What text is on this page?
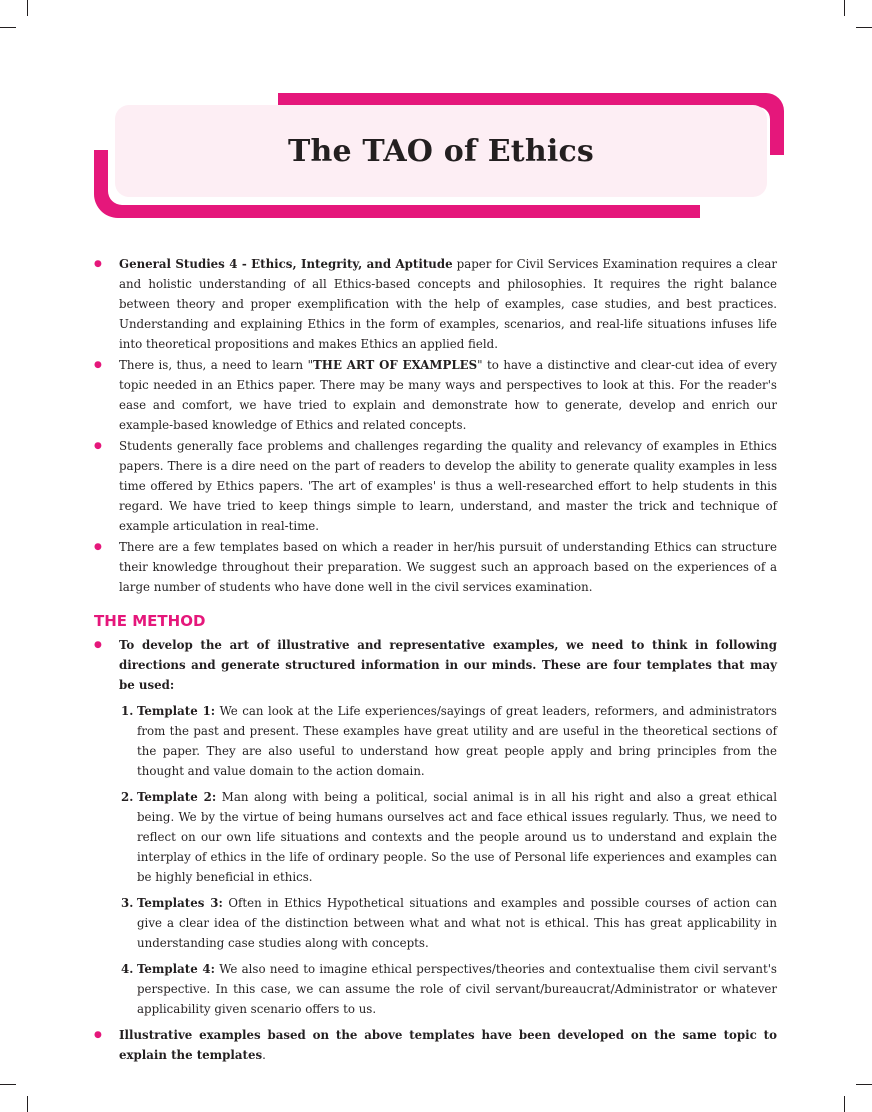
The TAO of Ethics
● General Studies 4 - Ethics, Integrity, and Aptitude paper for Civil Services Examination requires a clear and holistic understanding of all Ethics-based concepts and philosophies. It requires the right balance between theory and proper exemplification with the help of examples, case studies, and best practices. Understanding and explaining Ethics in the form of examples, scenarios, and real-life situations infuses life into theoretical propositions and makes Ethics an applied field.
● There is, thus, a need to learn "THE ART OF EXAMPLES" to have a distinctive and clear-cut idea of every topic needed in an Ethics paper. There may be many ways and perspectives to look at this. For the reader's ease and comfort, we have tried to explain and demonstrate how to generate, develop and enrich our example-based knowledge of Ethics and related concepts.
● Students generally face problems and challenges regarding the quality and relevancy of examples in Ethics papers. There is a dire need on the part of readers to develop the ability to generate quality examples in less time offered by Ethics papers. 'The art of examples' is thus a well-researched effort to help students in this regard. We have tried to keep things simple to learn, understand, and master the trick and technique of example articulation in real-time.
● There are a few templates based on which a reader in her/his pursuit of understanding Ethics can structure their knowledge throughout their preparation. We suggest such an approach based on the experiences of a large number of students who have done well in the civil services examination.
THE METHOD
● To develop the art of illustrative and representative examples, we need to think in following directions and generate structured information in our minds. These are four templates that may be used:
1. Template 1: We can look at the Life experiences/sayings of great leaders, reformers, and administrators from the past and present. These examples have great utility and are useful in the theoretical sections of the paper. They are also useful to understand how great people apply and bring principles from the thought and value domain to the action domain.
2. Template 2: Man along with being a political, social animal is in all his right and also a great ethical being. We by the virtue of being humans ourselves act and face ethical issues regularly. Thus, we need to reflect on our own life situations and contexts and the people around us to understand and explain the interplay of ethics in the life of ordinary people. So the use of Personal life experiences and examples can be highly beneficial in ethics.
3. Templates 3: Often in Ethics Hypothetical situations and examples and possible courses of action can give a clear idea of the distinction between what and what not is ethical. This has great applicability in understanding case studies along with concepts.
4. Template 4: We also need to imagine ethical perspectives/theories and contextualise them civil servant's perspective. In this case, we can assume the role of civil servant/bureaucrat/Administrator or whatever applicability given scenario offers to us.
● Illustrative examples based on the above templates have been developed on the same topic to explain the templates.
